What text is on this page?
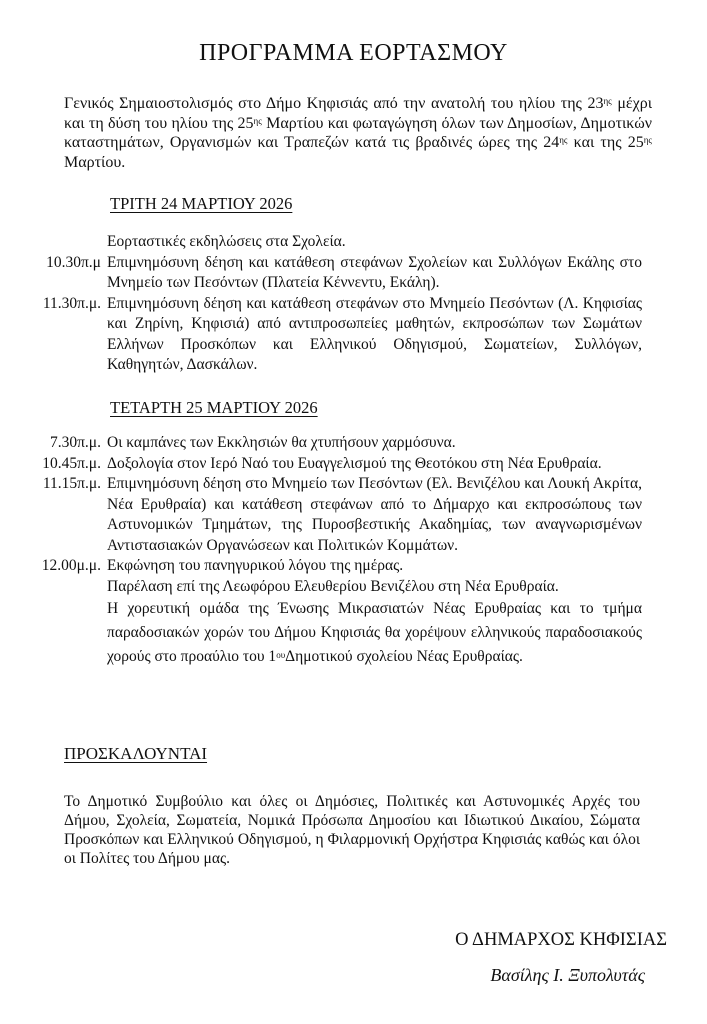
ΠΡΟΓΡΑΜΜΑ ΕΟΡΤΑΣΜΟΥ
Γενικός Σημαιοστολισμός στο Δήμο Κηφισιάς από την ανατολή του ηλίου της $23^{\eta\varsigma}$ μέχρι και τη δύση του ηλίου της $25^{\eta\varsigma}$ Μαρτίου και φωταγώγηση όλων των Δημοσίων, Δημοτικών καταστημάτων, Οργανισμών και Τραπεζών κατά τις βραδινές ώρες της $24^{\eta\varsigma}$ και της $25^{\eta\varsigma}$ Μαρτίου.
ΤΡΙΤΗ 24 ΜΑΡΤΙΟΥ 2026
Εορταστικές εκδηλώσεις στα Σχολεία.
10.30π.μ Επιμνημόσυνη δέηση και κατάθεση στεφάνων Σχολείων και Συλλόγων Εκάλης στο Μνημείο των Πεσόντων (Πλατεία Κέννεντυ, Εκάλη).
11.30π.μ. Επιμνημόσυνη δέηση και κατάθεση στεφάνων στο Μνημείο Πεσόντων (Λ. Κηφισίας και Ζηρίνη, Κηφισιά) από αντιπροσωπείες μαθητών, εκπροσώπων των Σωμάτων Ελλήνων Προσκόπων και Ελληνικού Οδηγισμού, Σωματείων, Συλλόγων, Καθηγητών, Δασκάλων.
ΤΕΤΑΡΤΗ 25 ΜΑΡΤΙΟΥ 2026
7.30π.μ. Οι καμπάνες των Εκκλησιών θα χτυπήσουν χαρμόσυνα.
10.45π.μ. Δοξολογία στον Ιερό Ναό του Ευαγγελισμού της Θεοτόκου στη Νέα Ερυθραία.
11.15π.μ. Επιμνημόσυνη δέηση στο Μνημείο των Πεσόντων (Ελ. Βενιζέλου και Λουκή Ακρίτα, Νέα Ερυθραία) και κατάθεση στεφάνων από το Δήμαρχο και εκπροσώπους των Αστυνομικών Τμημάτων, της Πυροσβεστικής Ακαδημίας, των αναγνωρισμένων Αντιστασιακών Οργανώσεων και Πολιτικών Κομμάτων.
12.00μ.μ. Εκφώνηση του πανηγυρικού λόγου της ημέρας.
Παρέλαση επί της Λεωφόρου Ελευθερίου Βενιζέλου στη Νέα Ερυθραία.
Η χορευτική ομάδα της Ένωσης Μικρασιατών Νέας Ερυθραίας και το τμήμα παραδοσιακών χορών του Δήμου Κηφισιάς θα χορέψουν ελληνικούς παραδοσιακούς χορούς στο προαύλιο του $1^{o\upsilon}\Delta\eta\mu o\tau\iota\kappa oύ$ σχολείου Νέας Ερυθραίας.
ΠΡΟΣΚΑΛΟΥΝΤΑΙ
Το Δημοτικό Συμβούλιο και όλες οι Δημόσιες, Πολιτικές και Αστυνομικές Αρχές του Δήμου, Σχολεία, Σωματεία, Νομικά Πρόσωπα Δημοσίου και Ιδιωτικού Δικαίου, Σώματα Προσκόπων και Ελληνικού Οδηγισμού, η Φιλαρμονική Ορχήστρα Κηφισιάς καθώς και όλοι οι Πολίτες του Δήμου μας.
Ο ΔΗΜΑΡΧΟΣ ΚΗΦΙΣΙΑΣ
Βασίλης Ι. Ξυπολυτάς
